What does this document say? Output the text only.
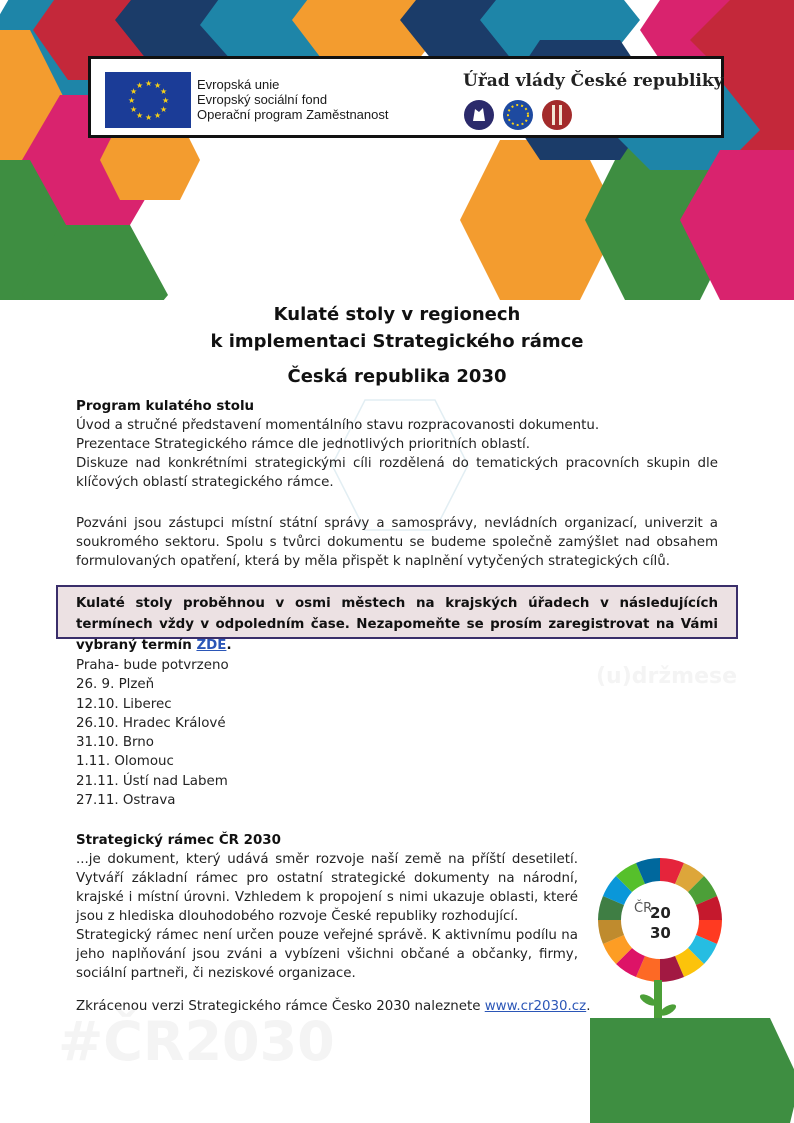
★ ★
★
★
★
★
★
★
★
★
★
★	Evropská unie
Evropský sociální fond
Operační program Zaměstnanost
Úřad vlády České republiky
Kulaté stoly v regionech
k implementaci Strategického rámce
Česká republika 2030

Program kulatého stolu

Úvod a stručné představení momentálního stavu rozpracovanosti dokumentu.

Prezentace Strategického rámce dle jednotlivých prioritních oblastí.

Diskuze nad konkrétními strategickými cíli rozdělená do tematických pracovních skupin dle klíčových oblastí strategického rámce.

Pozváni jsou zástupci místní státní správy a samosprávy, nevládních organizací, univerzit a soukromého sektoru. Spolu s tvůrci dokumentu se budeme společně zamýšlet nad obsahem formulovaných opatření, která by měla přispět k naplnění vytyčených strategických cílů.
Kulaté stoly proběhnou v osmi městech na krajských úřadech v následujících termínech vždy v odpoledním čase. Nezapomeňte se prosím zaregistrovat na Vámi vybraný termín ZDE.
(u)držmese
Praha- bude potvrzeno
26. 9. Plzeň
12.10. Liberec
26.10. Hradec Králové
31.10. Brno
1.11. Olomouc
21.11. Ústí nad Labem
27.11. Ostrava

Strategický rámec ČR 2030

...je dokument, který udává směr rozvoje naší země na příští desetiletí. Vytváří základní rámec pro ostatní strategické dokumenty na národní, krajské i místní úrovni. Vzhledem k propojení s nimi ukazuje oblasti, které jsou z hlediska dlouhodobého rozvoje České republiky rozhodující.

Strategický rámec není určen pouze veřejné správě. K aktivnímu podílu na jeho naplňování jsou zváni a vybízeni všichni občané a občanky, firmy, sociální partneři, či neziskové organizace.

Zkrácenou verzi Strategického rámce Česko 2030 naleznete www.cr2030.cz.
#ČR2030
ČR
20
30
